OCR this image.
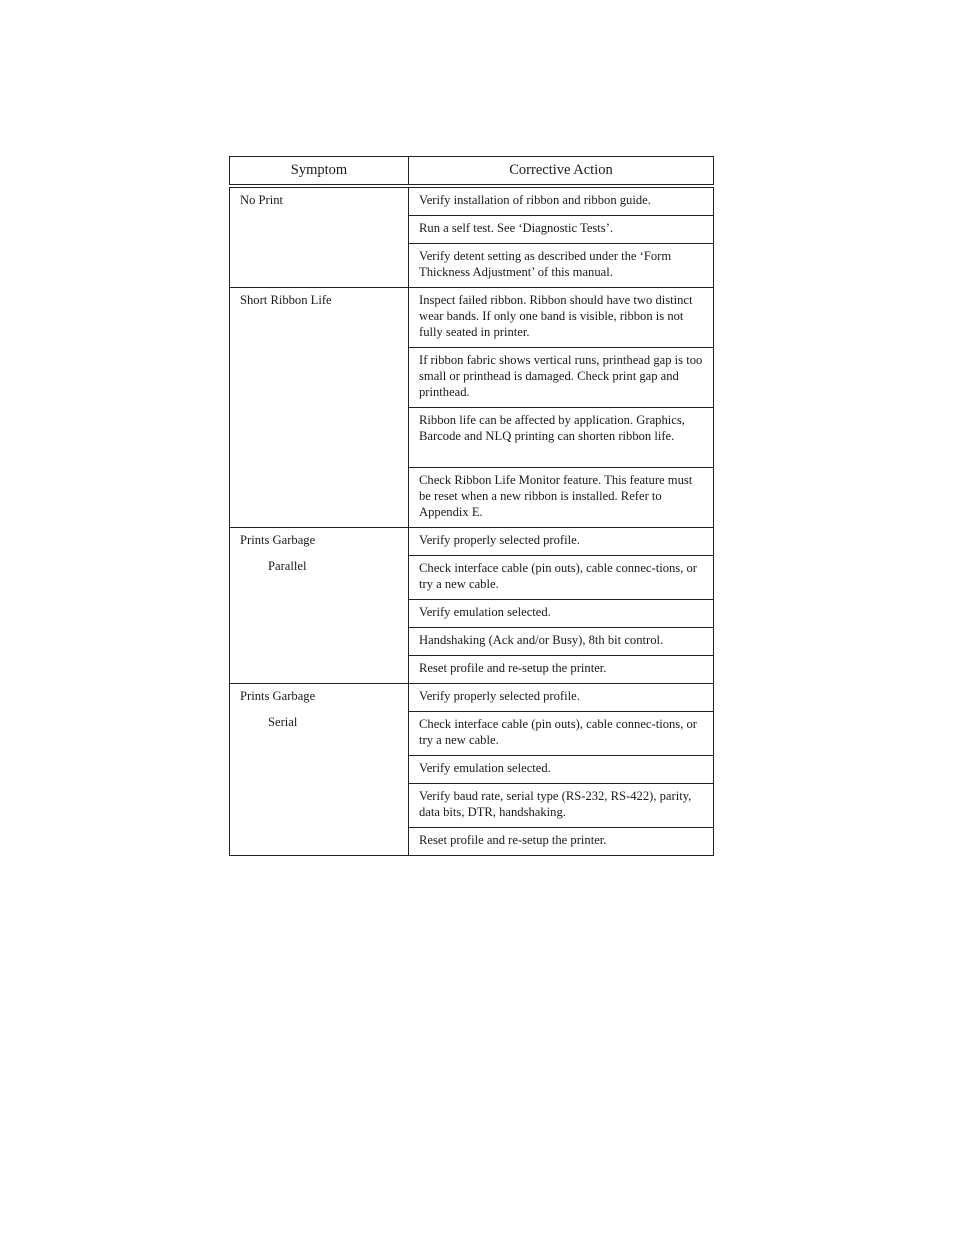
Symptom	Corrective Action

No Print	Verify installation of ribbon and ribbon guide.
	Run a self test. See ‘Diagnostic Tests’.
	Verify detent setting as described under the ‘Form Thickness Adjustment’ of this manual.

Short Ribbon Life	Inspect failed ribbon. Ribbon should have two distinct wear bands. If only one band is visible, ribbon is not fully seated in printer.
	If ribbon fabric shows vertical runs, printhead gap is too small or printhead is damaged. Check print gap and printhead.
	Ribbon life can be affected by application. Graphics, Barcode and NLQ printing can shorten ribbon life.
	Check Ribbon Life Monitor feature. This feature must be reset when a new ribbon is installed. Refer to Appendix E.

Prints Garbage
Parallel	Verify properly selected profile.
	Check interface cable (pin outs), cable connec-tions, or try a new cable.
	Verify emulation selected.
	Handshaking (Ack and/or Busy), 8th bit control.
	Reset profile and re-setup the printer.

Prints Garbage
Serial	Verify properly selected profile.
	Check interface cable (pin outs), cable connec-tions, or try a new cable.
	Verify emulation selected.
	Verify baud rate, serial type (RS-232, RS-422), parity, data bits, DTR, handshaking.
	Reset profile and re-setup the printer.
